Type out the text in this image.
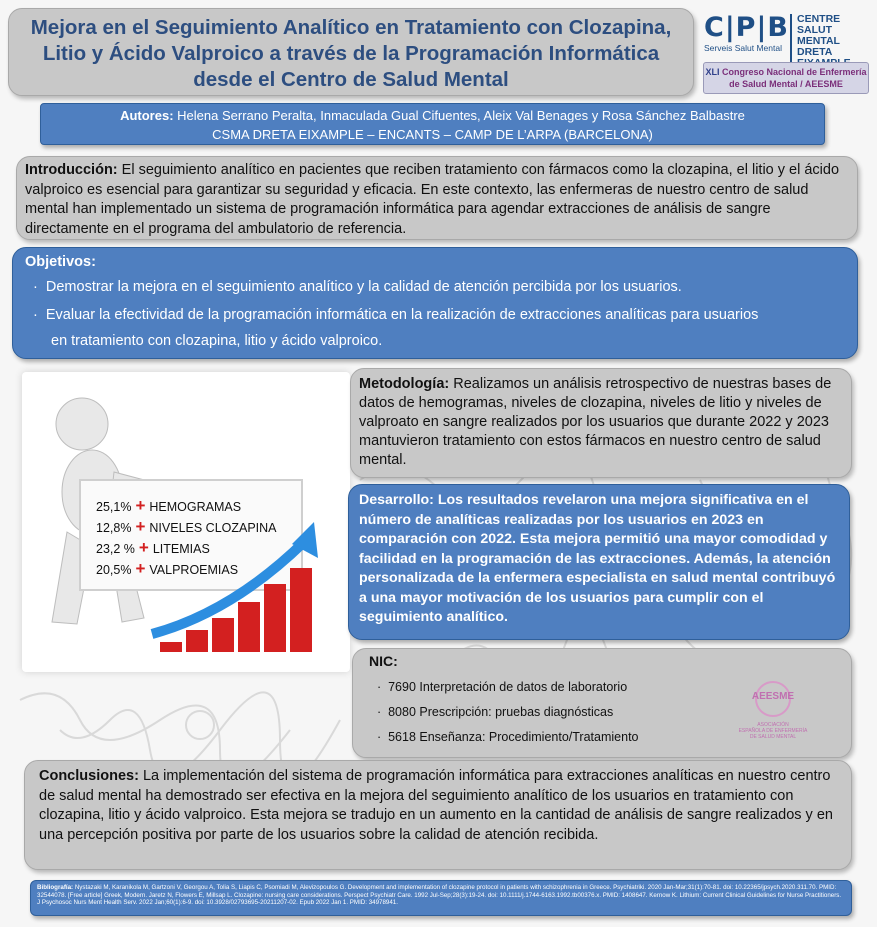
Mejora en el Seguimiento Analítico en Tratamiento con Clozapina, Litio y Ácido Valproico a través de la Programación Informática desde el Centro de Salud Mental
C|P|B
Serveis Salut Mental
CENTRE
SALUT MENTAL
DRETA
XLI Congreso Nacional de Enfermería de Salud Mental / AEESME
Autores: Helena Serrano Peralta, Inmaculada Gual Cifuentes, Aleix Val Benages y Rosa Sánchez Balbastre
CSMA DRETA EIXAMPLE – ENCANTS – CAMP DE L’ARPA (BARCELONA)
Introducción: El seguimiento analítico en pacientes que reciben tratamiento con fármacos como la clozapina, el litio y el ácido valproico es esencial para garantizar su seguridad y eficacia. En este contexto, las enfermeras de nuestro centro de salud mental han implementado un sistema de programación informática para agendar extracciones de análisis de sangre directamente en el programa del ambulatorio de referencia.
Objetivos:
·  Demostrar la mejora en el seguimiento analítico y la calidad de atención percibida por los usuarios.
·  Evaluar la efectividad de la programación informática en la realización de extracciones analíticas para usuarios
en tratamiento con clozapina, litio y ácido valproico.
25,1% + HEMOGRAMAS
12,8% + NIVELES CLOZAPINA
23,2 % + LITEMIAS
20,5% + VALPROEMIAS
Metodología: Realizamos un análisis retrospectivo de nuestras bases de datos de hemogramas, niveles de clozapina, niveles de litio y niveles de valproato en sangre realizados por los usuarios que durante 2022 y 2023 mantuvieron tratamiento con estos fármacos en nuestro centro de salud mental.
Desarrollo: Los resultados revelaron una mejora significativa en el número de analíticas realizadas por los usuarios en 2023 en comparación con 2022. Esta mejora permitió una mayor comodidad y facilidad en la programación de las extracciones. Además, la atención personalizada de la enfermera especialista en salud mental contribuyó a una mayor motivación de los usuarios para cumplir con el seguimiento analítico.
NIC:
·  7690 Interpretación de datos de laboratorio
·  8080 Prescripción: pruebas diagnósticas
·  5618 Enseñanza: Procedimiento/Tratamiento
AEESME
ASOCIACIÓN
ESPAÑOLA DE ENFERMERÍA
DE SALUD MENTAL
Conclusiones: La implementación del sistema de programación informática para extracciones analíticas en nuestro centro de salud mental ha demostrado ser efectiva en la mejora del seguimiento analítico de los usuarios en tratamiento con clozapina, litio y ácido valproico. Esta mejora se tradujo en un aumento en la cantidad de análisis de sangre realizados y en una percepción positiva por parte de los usuarios sobre la calidad de atención recibida.
Bibliografía: Nystazaki M, Karanikola M, Gartzoni V, Georgou A, Tolia S, Liapis C, Psomiadi M, Alevizopoulos G. Development and implementation of clozapine protocol in patients with schizophrenia in Greece. Psychiatriki. 2020 Jan-Mar;31(1):70-81. doi: 10.22365/jpsych.2020.311.70. PMID: 32544078. [Free article] Greek, Modern. Jaretz N, Flowers E, Millsap L. Clozapine: nursing care considerations. Perspect Psychiatr Care. 1992 Jul-Sep;28(3):19-24. doi: 10.1111/j.1744-6163.1992.tb00376.x. PMID: 1408647. Kernow K. Lithium: Current Clinical Guidelines for Nurse Practitioners. J Psychosoc Nurs Ment Health Serv. 2022 Jan;60(1):6-9. doi: 10.3928/02793695-20211207-02. Epub 2022 Jan 1. PMID: 34978941.
